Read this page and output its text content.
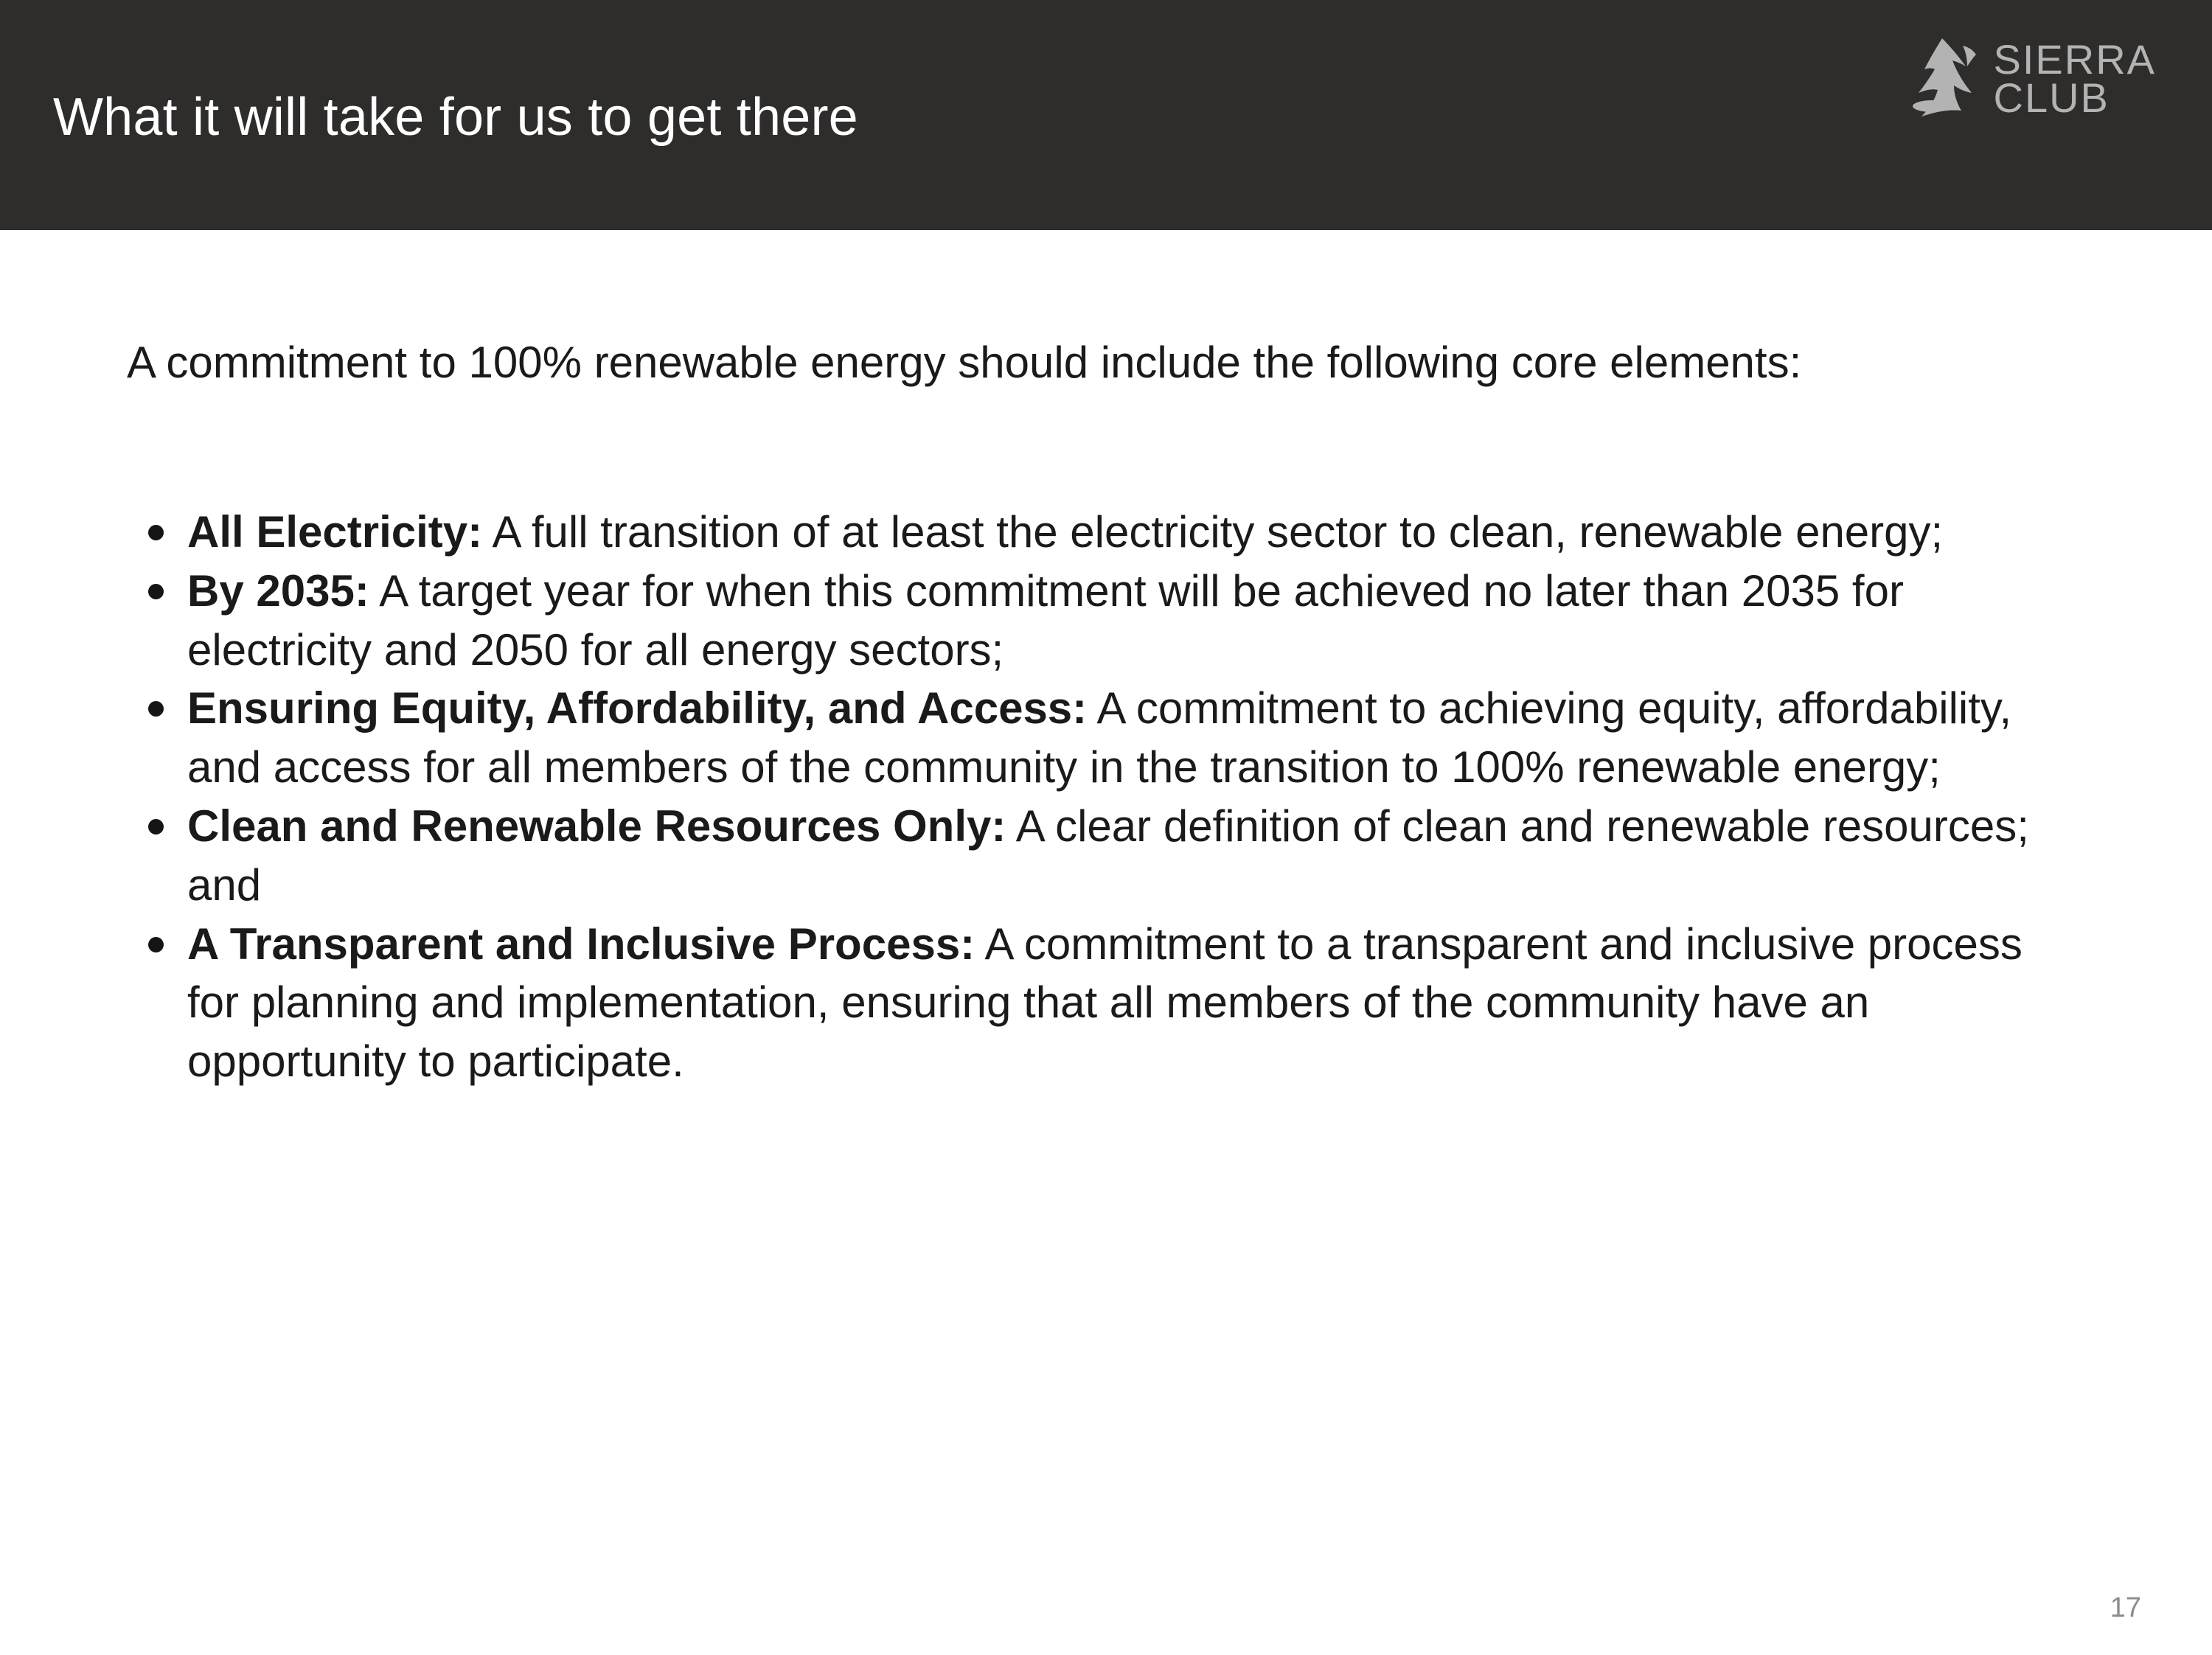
What it will take for us to get there
SIERRA
CLUB
A commitment to 100% renewable energy should include the following core elements:
All Electricity: A full transition of at least the electricity sector to clean, renewable energy;
By 2035: A target year for when this commitment will be achieved no later than 2035 for electricity and 2050 for all energy sectors;
Ensuring Equity, Affordability, and Access: A commitment to achieving equity, affordability, and access for all members of the community in the transition to 100% renewable energy;
Clean and Renewable Resources Only: A clear definition of clean and renewable resources; and
A Transparent and Inclusive Process: A commitment to a transparent and inclusive process for planning and implementation, ensuring that all members of the community have an opportunity to participate.
17
